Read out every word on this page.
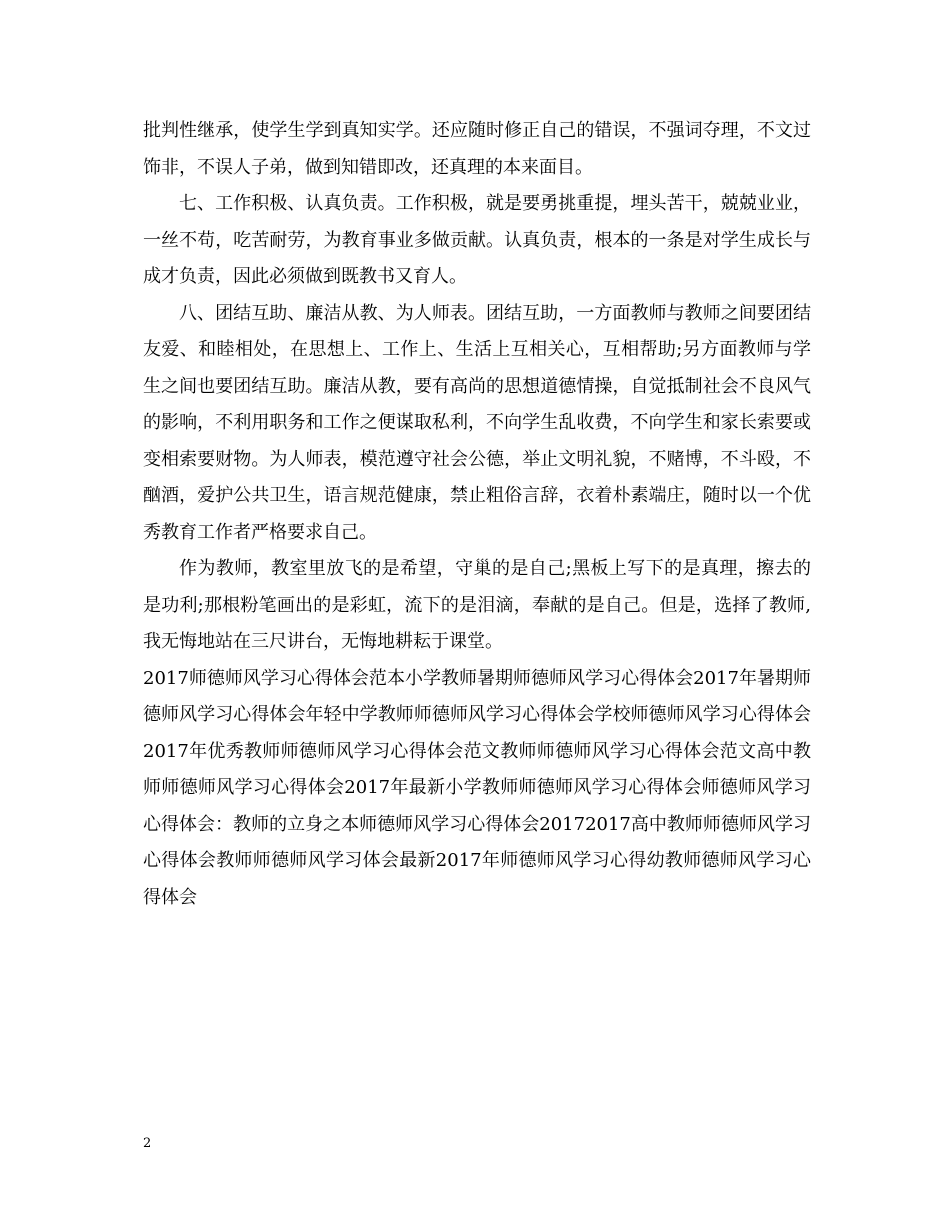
批判性继承，使学生学到真知实学。还应随时修正自己的错误，不强词夺理，不文过饰非，不误人子弟，做到知错即改，还真理的本来面目。

七、工作积极、认真负责。工作积极，就是要勇挑重提，埋头苦干，兢兢业业，一丝不苟，吃苦耐劳，为教育事业多做贡献。认真负责，根本的一条是对学生成长与成才负责，因此必须做到既教书又育人。

八、团结互助、廉洁从教、为人师表。团结互助，一方面教师与教师之间要团结友爱、和睦相处，在思想上、工作上、生活上互相关心，互相帮助;另方面教师与学生之间也要团结互助。廉洁从教，要有高尚的思想道德情操，自觉抵制社会不良风气的影响，不利用职务和工作之便谋取私利，不向学生乱收费，不向学生和家长索要或变相索要财物。为人师表，模范遵守社会公德，举止文明礼貌，不赌博，不斗殴，不酗酒，爱护公共卫生，语言规范健康，禁止粗俗言辞，衣着朴素端庄，随时以一个优秀教育工作者严格要求自己。

作为教师，教室里放飞的是希望，守巢的是自己;黑板上写下的是真理，擦去的是功利;那根粉笔画出的是彩虹，流下的是泪滴，奉献的是自己。但是，选择了教师,我无悔地站在三尺讲台，无悔地耕耘于课堂。

2017师德师风学习心得体会范本小学教师暑期师德师风学习心得体会2017年暑期师德师风学习心得体会年轻中学教师师德师风学习心得体会学校师德师风学习心得体会2017年优秀教师师德师风学习心得体会范文教师师德师风学习心得体会范文高中教师师德师风学习心得体会2017年最新小学教师师德师风学习心得体会师德师风学习心得体会：教师的立身之本师德师风学习心得体会20172017高中教师师德师风学习心得体会教师师德师风学习体会最新2017年师德师风学习心得幼教师德师风学习心得体会

2
